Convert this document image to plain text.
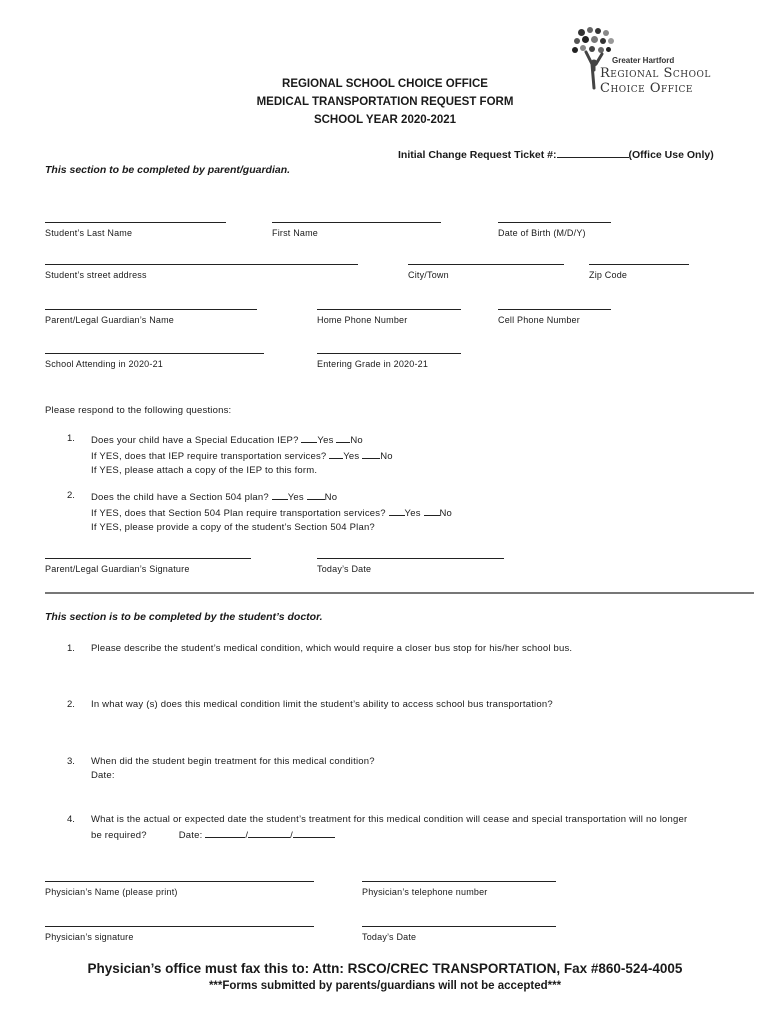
Greater Hartford
Regional School
Choice Office
REGIONAL SCHOOL CHOICE OFFICE
MEDICAL TRANSPORTATION REQUEST FORM
SCHOOL YEAR 2020-2021
Initial Change Request Ticket #:	(Office Use Only)
This section to be completed by parent/guardian.
Student’s Last Name	First Name	Date of Birth (M/D/Y)
Student’s street address	City/Town	Zip Code
Parent/Legal Guardian’s Name	Home Phone Number	Cell Phone Number
School Attending in 2020-21	Entering Grade in 2020-21
Please respond to the following questions:
1. Does your child have a Special Education IEP? Yes No
If YES, does that IEP require transportation services? Yes No
If YES, please attach a copy of the IEP to this form.
2. Does the child have a Section 504 plan? Yes No
If YES, does that Section 504 Plan require transportation services? Yes No
If YES, please provide a copy of the student’s Section 504 Plan?
Parent/Legal Guardian’s Signature	Today’s Date
This section is to be completed by the student’s doctor.
1. Please describe the student’s medical condition, which would require a closer bus stop for his/her school bus.
2. In what way (s) does this medical condition limit the student’s ability to access school bus transportation?
3. When did the student begin treatment for this medical condition?
Date:
4. What is the actual or expected date the student’s treatment for this medical condition will cease and special transportation will no longer
be required?	Date:	/	/
Physician’s Name (please print)	Physician’s telephone number
Physician’s signature	Today’s Date
Physician’s office must fax this to: Attn: RSCO/CREC TRANSPORTATION, Fax #860-524-4005
***Forms submitted by parents/guardians will not be accepted***
